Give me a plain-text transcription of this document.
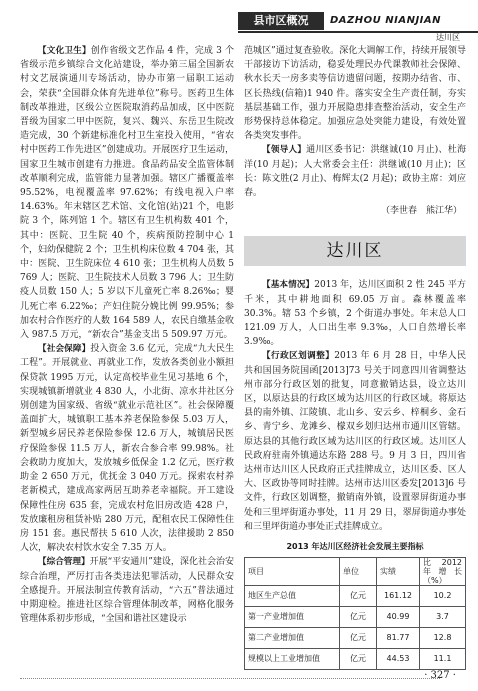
县市区概况	DAZHOU NIANJIAN
达川区

【文化卫生】创作省级文艺作品 4 件，完成 3 个省级示范乡镇综合文化站建设，举办第三届全国新农村文艺展演通川专场活动，协办市第一届职工运动会，荣获“全国群众体育先进单位”称号。医药卫生体制改革推进，区级公立医院取消药品加成，区中医院晋级为国家二甲中医院，复兴、魏兴、东岳卫生院改造完成，30 个新建标准化村卫生室投入使用，“省农村中医药工作先进区”创建成功。开展医疗卫生运动，国家卫生城市创建有力推进。食品药品安全监管体制改革顺利完成，监管能力显著加强。辖区广播覆盖率 95.52%，电视覆盖率 97.62%；有线电视入户率 14.63%。年末辖区艺术馆、文化馆(站)21 个，电影院 3 个，陈列馆 1 个。辖区有卫生机构数 401 个，其中：医院、卫生院 40 个，疾病预防控制中心 1 个，妇幼保健院 2 个；卫生机构床位数 4 704 张，其中：医院、卫生院床位 4 610 张；卫生机构人员数 5 769 人；医院、卫生院技术人员数 3 796 人；卫生防疫人员数 150 人；5 岁以下儿童死亡率 8.26‰；婴儿死亡率 6.22‰；产妇住院分娩比例 99.95%；参加农村合作医疗的人数 164 589 人，农民自缴基金收入 987.5 万元，“新农合”基金支出 5 509.97 万元。

【社会保障】投入资金 3.6 亿元，完成“九大民生工程”。开展就业、再就业工作，发放各类创业小额担保贷款 1995 万元，认定高校毕业生见习基地 6 个，实现城镇新增就业 4 830 人，小北街、凉水井社区分别创建为国家级、省级“就业示范社区”。社会保障覆盖面扩大，城镇职工基本养老保险参保 5.03 万人，新型城乡居民养老保险参保 12.6 万人，城镇居民医疗保险参保 11.5 万人，新农合参合率 99.98%。社会救助力度加大，发放城乡低保金 1.2 亿元，医疗救助金 2 650 万元，优抚金 3 040 万元。探索农村养老新模式，建成高家两居互助养老幸福院。开工建设保障性住房 635 套，完成农村危旧房改造 428 户，发放廉租房租赁补贴 280 万元，配租农民工保障性住房 151 套。惠民帮扶 5 610 人次，法律援助 2 850 人次，解决农村饮水安全 7.35 万人。

【综合管理】开展“平安通川”建设，深化社会治安综合治理，严厉打击各类违法犯罪活动，人民群众安全感提升。开展法制宣传教育活动，“六五”普法通过中期迎检。推进社区综合管理体制改革，网格化服务管理体系初步形成，“全国和谐社区建设示

范城区”通过复查验收。深化大调解工作，持续开展领导干部接访下访活动，稳妥处理民办代课教师社会保障、秋水长天一房多卖等信访遗留问题，按期办结省、市、区长热线(信箱)1 940 件。落实安全生产责任制，夯实基层基础工作，强力开展隐患排查整治活动，安全生产形势保持总体稳定。加强应急处突能力建设，有效处置各类突发事件。

【领导人】通川区委书记：洪继诚(10 月止)、杜海洋(10 月起)；人大常委会主任：洪继诚(10 月止)；区长：陈文胜(2 月止)、梅辉太(2 月起)；政协主席：刘应春。

（李世春　熊江华）
达川区

【基本情况】2013 年，达川区面积 2 性 245 平方千米，其中耕地面积 69.05 万亩。森林覆盖率 30.3%。辖 53 个乡镇，2 个街道办事处。年末总人口 121.09 万人，人口出生率 9.3‰，人口自然增长率 3.9‰。

【行政区划调整】2013 年 6 月 28 日，中华人民共和国国务院国函[2013]73 号关于同意四川省调整达州市部分行政区划的批复，同意撤销达县，设立达川区，以原达县的行政区域为达川区的行政区域。将原达县的南外镇、江陵镇、北山乡、安云乡、梓桐乡、金石乡、青宁乡、龙滩乡、檬双乡划归达州市通川区管辖。原达县的其他行政区域为达川区的行政区域。达川区人民政府驻南外镇通达东路 288 号。9 月 3 日，四川省达州市达川区人民政府正式挂牌成立，达川区委、区人大、区政协等同时挂牌。达州市达川区委发[2013]6 号文件，行政区划调整，撤销南外镇，设置翠屏街道办事处和三里坪街道办事处，11 月 29 日，翠屏街道办事处和三里坪街道办事处正式挂牌成立。

2013 年达川区经济社会发展主要指标
项目	单位	实绩	比 2012 年增长（%）
地区生产总值	亿元	161.12	10.2
第一产业增加值	亿元	40.99	3.7
第二产业增加值	亿元	81.77	12.8
规模以上工业增加值	亿元	44.53	11.1
· 327 ·
